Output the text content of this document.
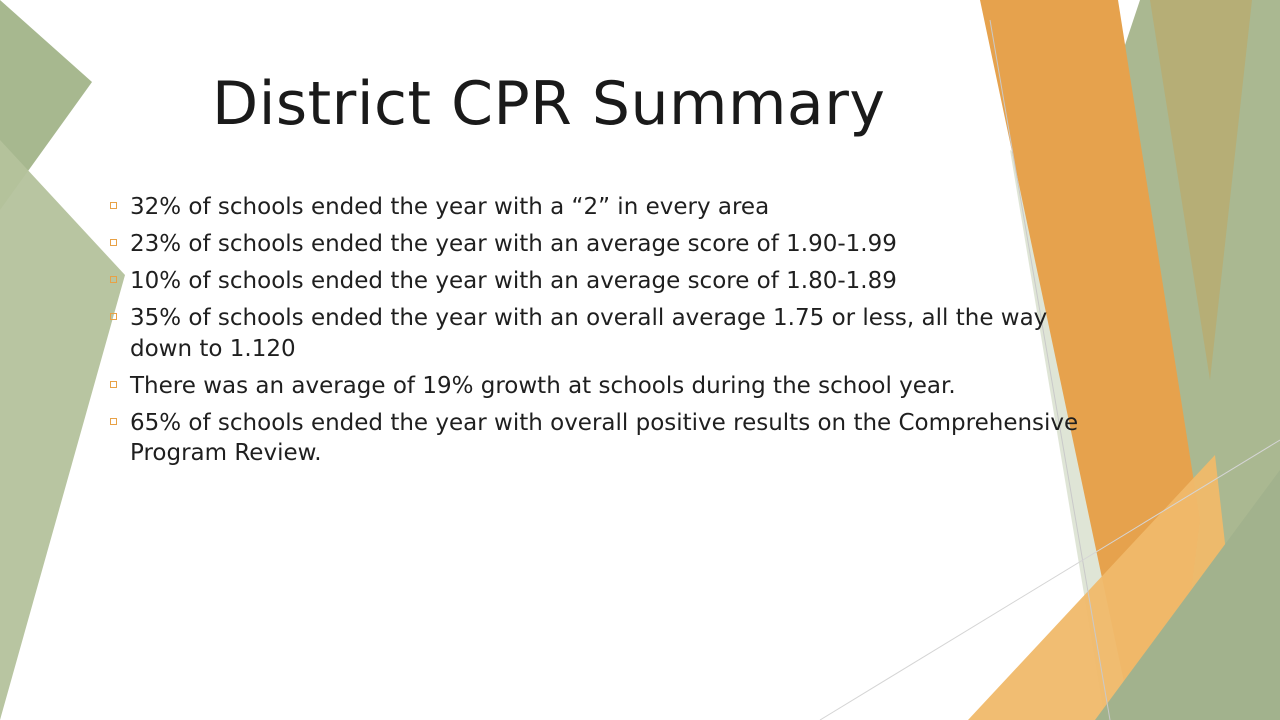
District CPR Summary
32% of schools ended the year with a “2” in every area
23% of schools ended the year with an average score of 1.90-1.99
10% of schools ended the year with an average score of 1.80-1.89
35% of schools ended the year with an overall average 1.75 or less, all the way down to 1.120
There was an average of 19% growth at schools during the school year.
65% of schools ended the year with overall positive results on the Comprehensive Program Review.
